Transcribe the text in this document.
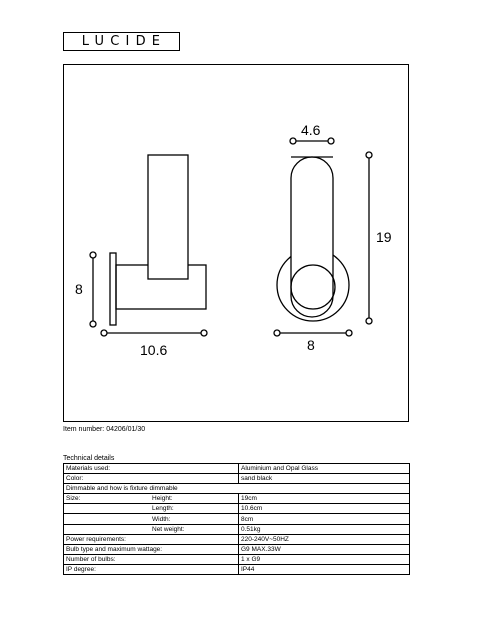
LUCIDE
8
10.6
4.6
19
8
Item number: 04206/01/30
Technical details
Materials used:	Aluminium and Opal Glass
Color:	sand black
Dimmable and how is fixture dimmable	
Size: Height:	19cm
Length:	10.6cm
Width:	8cm
Net weight:	0.51kg
Power requirements:	220-240V~50HZ
Bulb type and maximum wattage:	G9 MAX.33W
Number of bulbs:	1 x G9
IP degree:	IP44
